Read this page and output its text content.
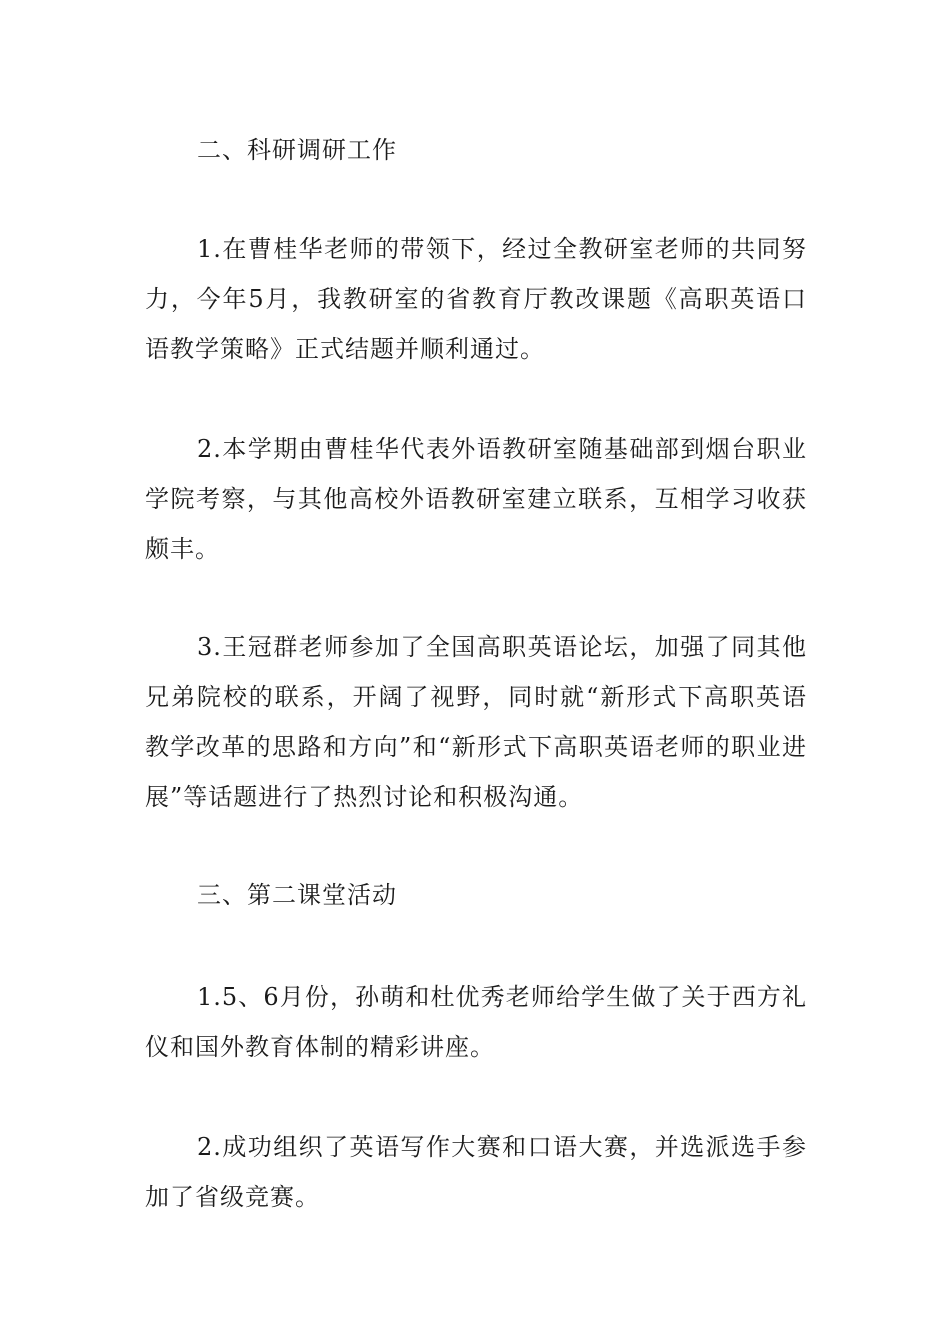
二、科研调研工作

1.在曹桂华老师的带领下，经过全教研室老师的共同努力，今年5月，我教研室的省教育厅教改课题《高职英语口语教学策略》正式结题并顺利通过。

2.本学期由曹桂华代表外语教研室随基础部到烟台职业学院考察，与其他高校外语教研室建立联系，互相学习收获颇丰。

3.王冠群老师参加了全国高职英语论坛，加强了同其他兄弟院校的联系，开阔了视野，同时就“新形式下高职英语教学改革的思路和方向”和“新形式下高职英语老师的职业进展”等话题进行了热烈讨论和积极沟通。

三、第二课堂活动

1.5、6月份，孙萌和杜优秀老师给学生做了关于西方礼仪和国外教育体制的精彩讲座。

2.成功组织了英语写作大赛和口语大赛，并选派选手参加了省级竞赛。
